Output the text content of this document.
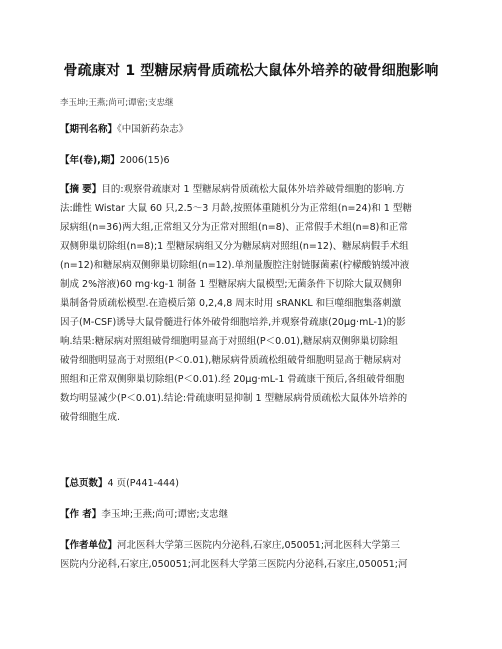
骨疏康对 1 型糖尿病骨质疏松大鼠体外培养的破骨细胞影响
李玉坤;王燕;尚可;谭密;支忠继
【期刊名称】《中国新药杂志》
【年(卷),期】2006(15)6
【摘 要】目的:观察骨疏康对 1 型糖尿病骨质疏松大鼠体外培养破骨细胞的影响.方
法:雌性 Wistar 大鼠 60 只,2.5～3 月龄,按照体重随机分为正常组(n=24)和 1 型糖
尿病组(n=36)两大组,正常组又分为正常对照组(n=8)、正常假手术组(n=8)和正常
双侧卵巢切除组(n=8);1 型糖尿病组又分为糖尿病对照组(n=12)、糖尿病假手术组
(n=12)和糖尿病双侧卵巢切除组(n=12).单剂量腹腔注射链脲菌素(柠檬酸钠缓冲液
制成 2%溶液)60 mg·kg-1 制备 1 型糖尿病大鼠模型;无菌条件下切除大鼠双侧卵
巢制备骨质疏松模型.在造模后第 0,2,4,8 周末时用 sRANKL 和巨噬细胞集落刺激
因子(M-CSF)诱导大鼠骨髓进行体外破骨细胞培养,并观察骨疏康(20μg·mL-1)的影
响.结果:糖尿病对照组破骨细胞明显高于对照组(P＜0.01),糖尿病双侧卵巢切除组
破骨细胞明显高于对照组(P＜0.01),糖尿病骨质疏松组破骨细胞明显高于糖尿病对
照组和正常双侧卵巢切除组(P＜0.01).经 20μg·mL-1 骨疏康干预后,各组破骨细胞
数均明显减少(P＜0.01).结论:骨疏康明显抑制 1 型糖尿病骨质疏松大鼠体外培养的
破骨细胞生成.
【总页数】4 页(P441-444)
【作 者】李玉坤;王燕;尚可;谭密;支忠继
【作者单位】河北医科大学第三医院内分泌科,石家庄,050051;河北医科大学第三
医院内分泌科,石家庄,050051;河北医科大学第三医院内分泌科,石家庄,050051;河
